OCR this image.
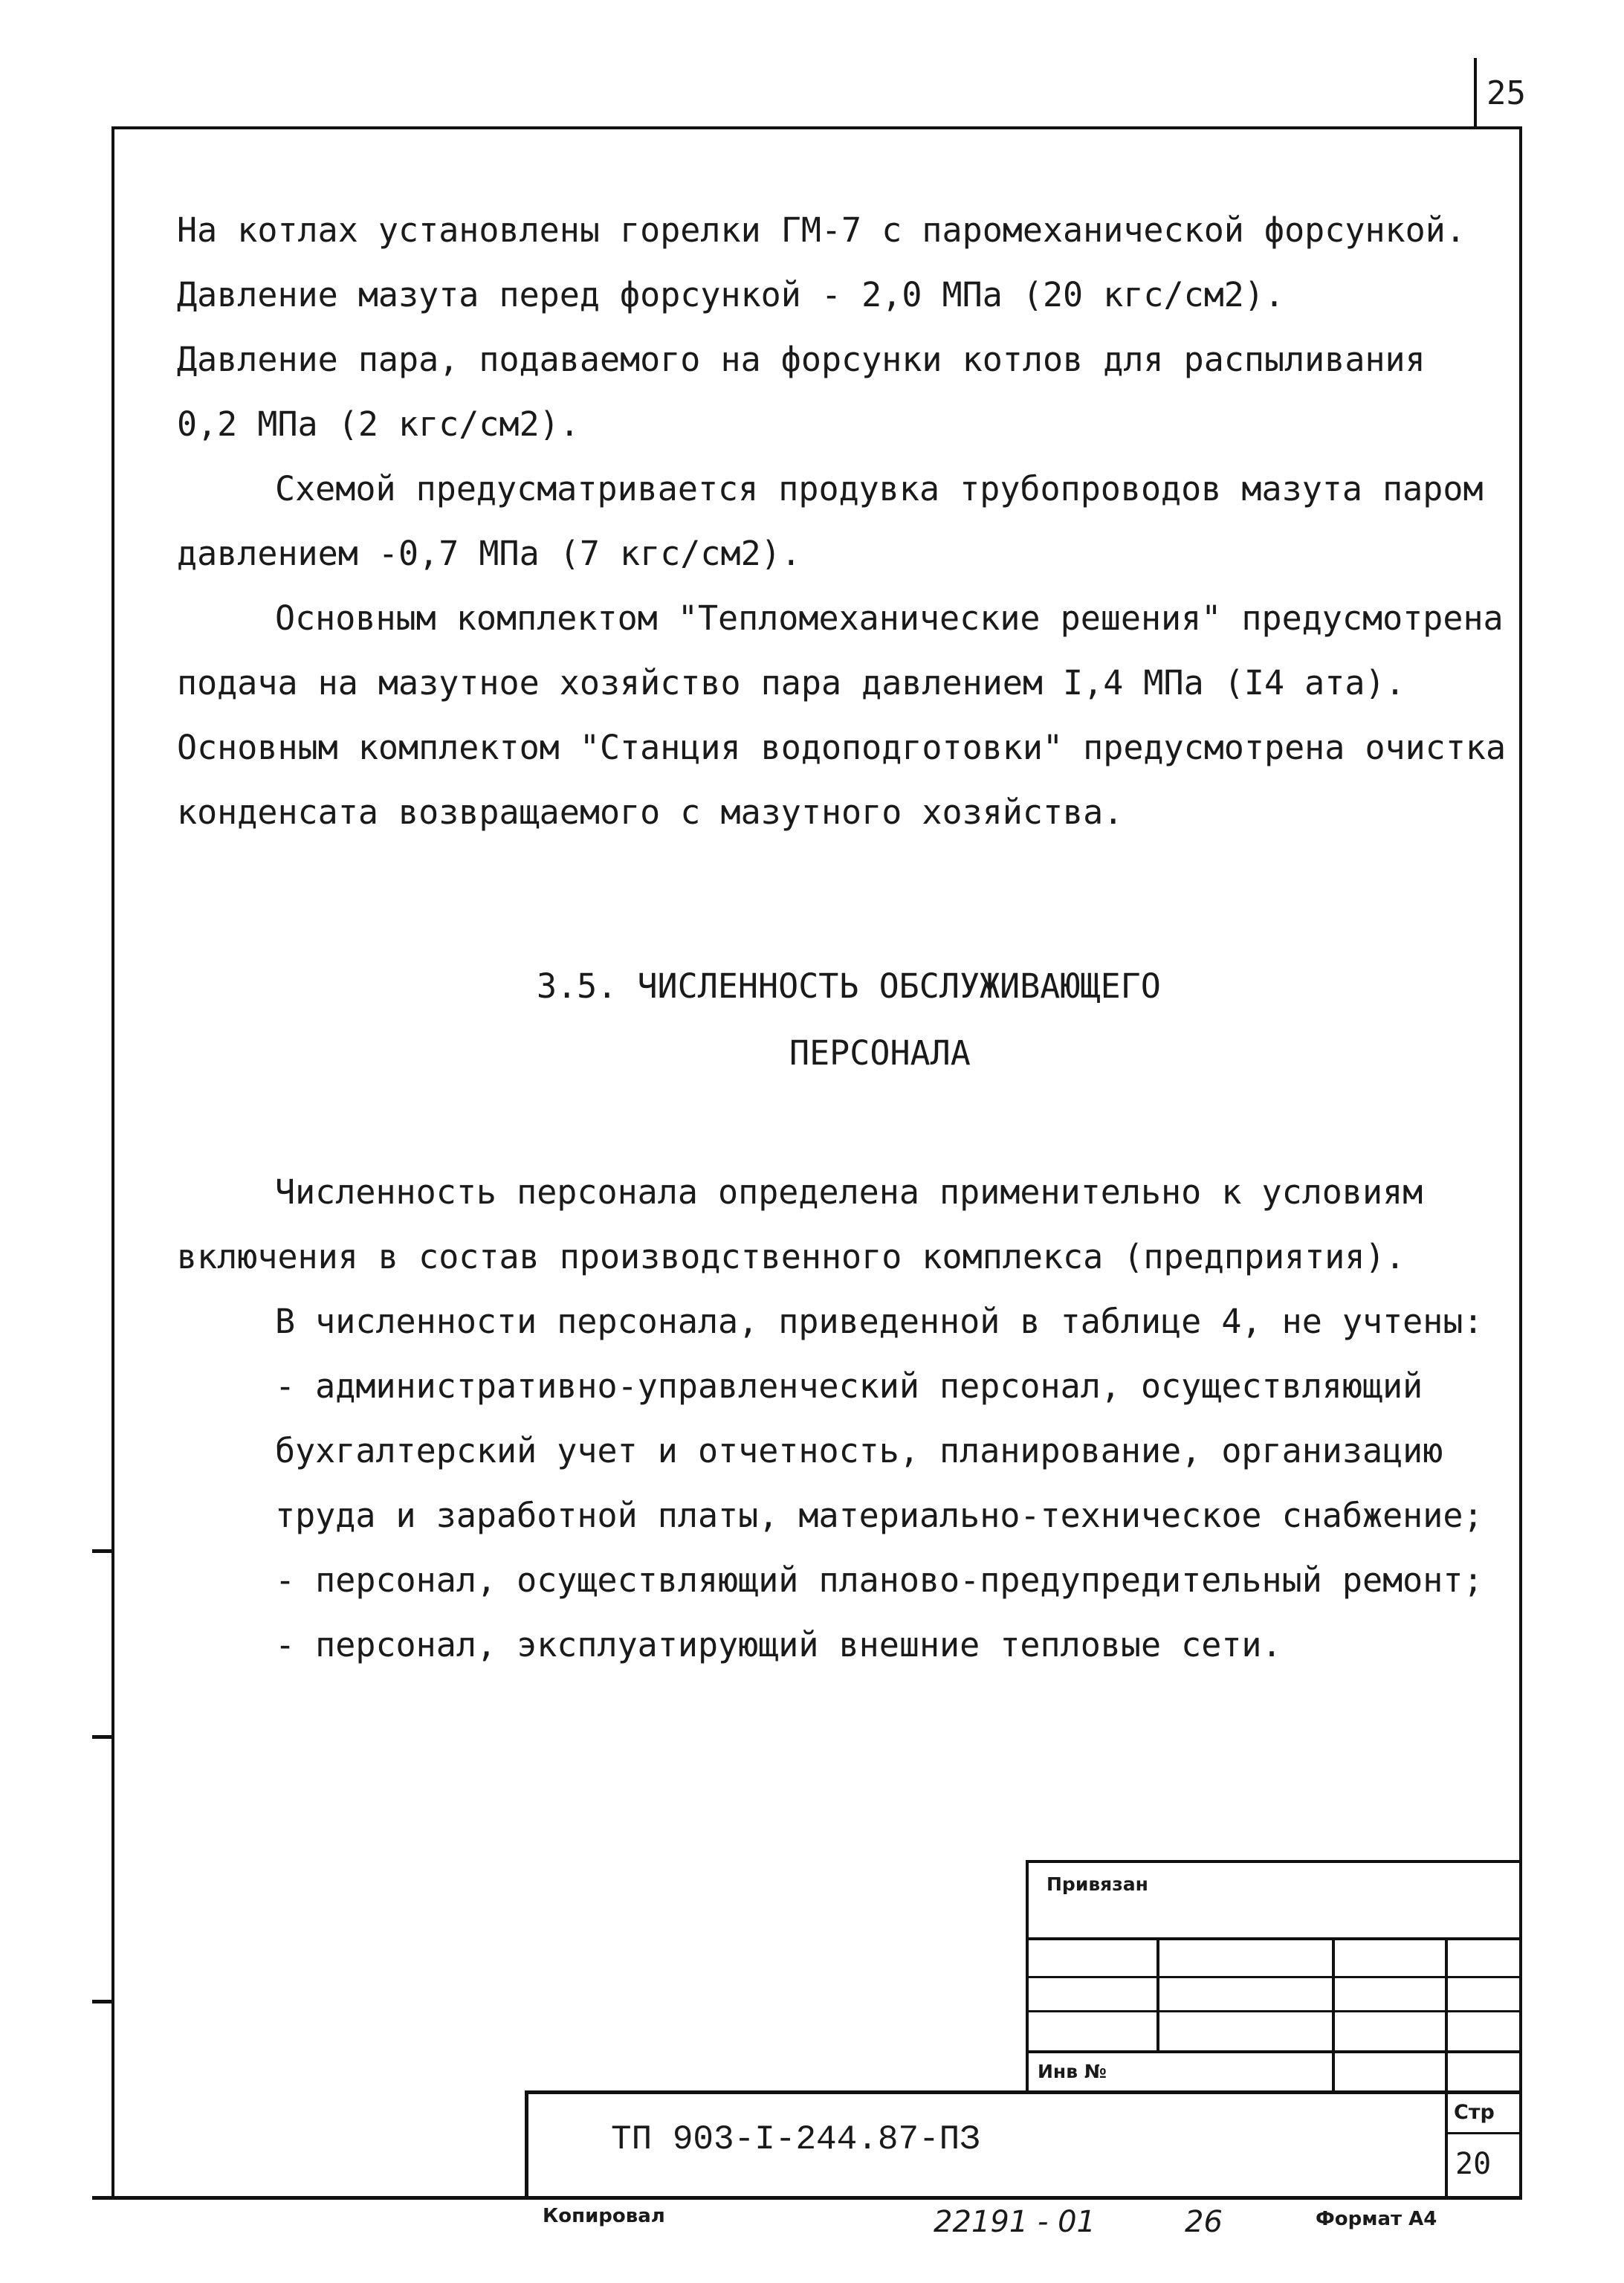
25
На котлах установлены горелки ГМ-7 с паромеханической форсункой.
Давление мазута перед форсункой - 2,0 МПа (20 кгс/см2).
Давление пара, подаваемого на форсунки котлов для распыливания
0,2 МПа (2 кгс/см2).
Схемой предусматривается продувка трубопроводов мазута паром
давлением -0,7 МПа (7 кгс/см2).
Основным комплектом "Тепломеханические решения" предусмотрена
подача на мазутное хозяйство пара давлением I,4 МПа (I4 ата).
Основным комплектом "Станция водоподготовки" предусмотрена очистка
конденсата возвращаемого с мазутного хозяйства.
3.5. ЧИСЛЕННОСТЬ ОБСЛУЖИВАЮЩЕГО
ПЕРСОНАЛА
Численность персонала определена применительно к условиям
включения в состав производственного комплекса (предприятия).
В численности персонала, приведенной в таблице 4, не учтены:
- административно-управленческий персонал, осуществляющий
бухгалтерский учет и отчетность, планирование, организацию
труда и заработной платы, материально-техническое снабжение;
- персонал, осуществляющий планово-предупредительный ремонт;
- персонал, эксплуатирующий внешние тепловые сети.
Привязан
Инв №
ТП 903-I-244.87-ПЗ
Стр
20
Копировал	22191 - 01	26	Формат А4
